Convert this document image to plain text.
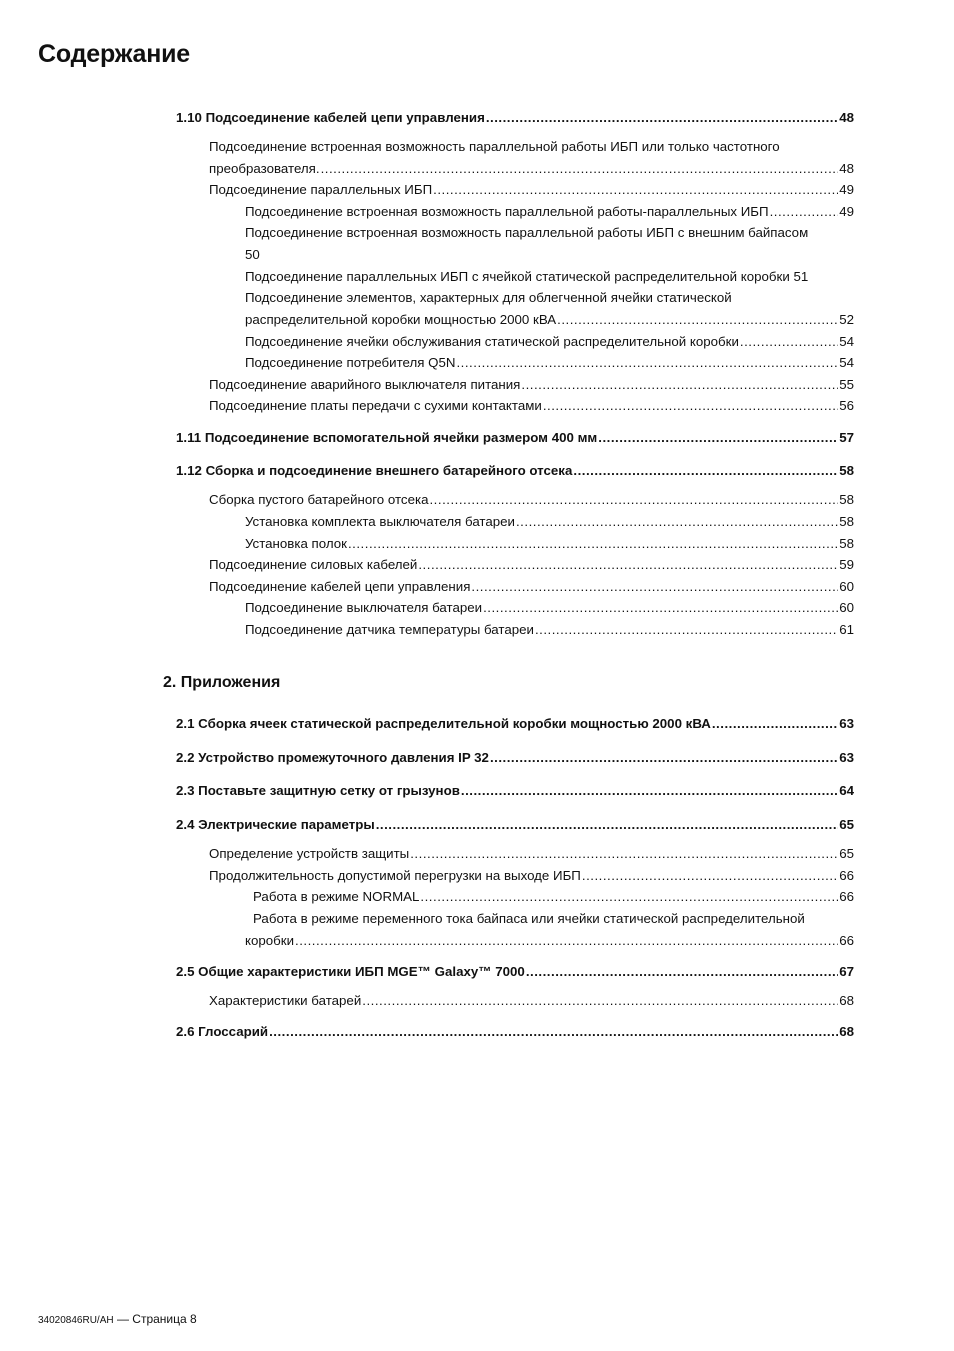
Содержание
1.10 Подсоединение кабелей цепи управления .....	48
Подсоединение встроенная возможность параллельной работы ИБП или только частотного
преобразователя. .....	48
Подсоединение параллельных ИБП .....	49
Подсоединение встроенная возможность параллельной работы-параллельных ИБП .....	49
Подсоединение встроенная возможность параллельной работы ИБП с внешним байпасом
50
Подсоединение параллельных ИБП с ячейкой статической распределительной коробки 51
Подсоединение элементов, характерных для облегченной ячейки статической
распределительной коробки мощностью 2000 кВА .....	52
Подсоединение ячейки обслуживания статической распределительной коробки .....	54
Подсоединение потребителя Q5N .....	54
Подсоединение аварийного выключателя питания .....	55
Подсоединение платы передачи с сухими контактами .....	56
1.11 Подсоединение вспомогательной ячейки размером 400 мм .....	57
1.12 Сборка и подсоединение внешнего батарейного отсека .....	58
Сборка пустого батарейного отсека .....	58
Установка комплекта выключателя батареи .....	58
Установка полок .....	58
Подсоединение силовых кабелей .....	59
Подсоединение кабелей цепи управления .....	60
Подсоединение выключателя батареи .....	60
Подсоединение датчика температуры батареи .....	61
2. Приложения
2.1 Сборка ячеек статической распределительной коробки мощностью 2000 кВА .....	63
2.2 Устройство промежуточного давления IP 32 .....	63
2.3 Поставьте защитную сетку от грызунов .....	64
2.4 Электрические параметры .....	65
Определение устройств защиты .....	65
Продолжительность допустимой перегрузки на выходе ИБП .....	66
Работа в режиме NORMAL .....	66
Работа в режиме переменного тока байпаса или ячейки статической распределительной
коробки .....	66
2.5 Общие характеристики ИБП MGE™ Galaxy™ 7000 .....	67
Характеристики батарей .....	68
2.6 Глоссарий .....	68
34020846RU/AH — Страница 8
